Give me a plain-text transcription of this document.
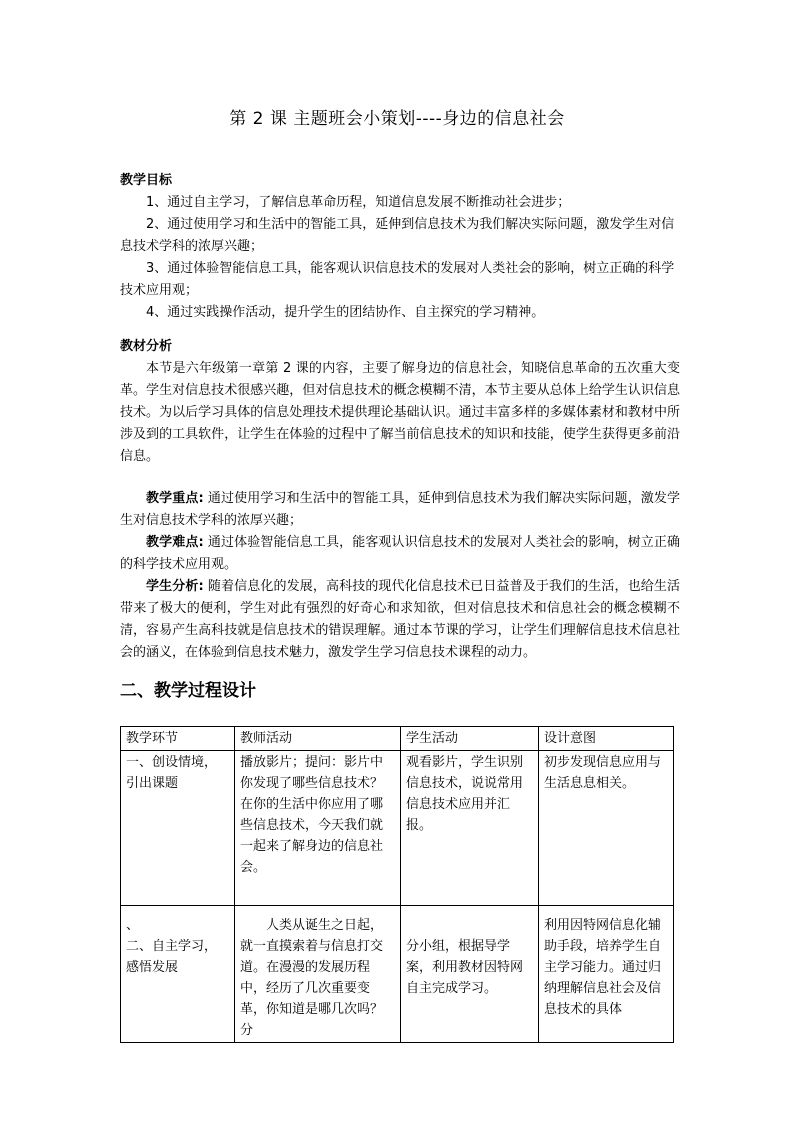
第 2 课 主题班会小策划----身边的信息社会
教学目标
1、通过自主学习，了解信息革命历程，知道信息发展不断推动社会进步；
2、通过使用学习和生活中的智能工具，延伸到信息技术为我们解决实际问题，激发学生对信息技术学科的浓厚兴趣；
3、通过体验智能信息工具，能客观认识信息技术的发展对人类社会的影响，树立正确的科学技术应用观；
4、通过实践操作活动，提升学生的团结协作、自主探究的学习精神。
教材分析
本节是六年级第一章第 2 课的内容，主要了解身边的信息社会，知晓信息革命的五次重大变革。学生对信息技术很感兴趣，但对信息技术的概念模糊不清，本节主要从总体上给学生认识信息技术。为以后学习具体的信息处理技术提供理论基础认识。通过丰富多样的多媒体素材和教材中所涉及到的工具软件，让学生在体验的过程中了解当前信息技术的知识和技能，使学生获得更多前沿信息。
教学重点: 通过使用学习和生活中的智能工具，延伸到信息技术为我们解决实际问题，激发学生对信息技术学科的浓厚兴趣；
教学难点: 通过体验智能信息工具，能客观认识信息技术的发展对人类社会的影响，树立正确的科学技术应用观。
学生分析: 随着信息化的发展，高科技的现代化信息技术已日益普及于我们的生活，也给生活带来了极大的便利，学生对此有强烈的好奇心和求知欲，但对信息技术和信息社会的概念模糊不清，容易产生高科技就是信息技术的错误理解。通过本节课的学习，让学生们理解信息技术信息社会的涵义，在体验到信息技术魅力，激发学生学习信息技术课程的动力。
二、教学过程设计
教学环节	教师活动	学生活动	设计意图
一、创设情境，引出课题	播放影片；提问：影片中你发现了哪些信息技术？在你的生活中你应用了哪些信息技术，今天我们就一起来了解身边的信息社会。	观看影片，学生识别信息技术，说说常用信息技术应用并汇报。	初步发现信息应用与生活息息相关。

、
二、自主学习，感悟发展	人类从诞生之日起，就一直摸索着与信息打交道。在漫漫的发展历程中，经历了几次重要变革，你知道是哪几次吗？分	分小组，根据导学案，利用教材因特网自主完成学习。	利用因特网信息化辅助手段，培养学生自主学习能力。通过归纳理解信息社会及信息技术的具体
